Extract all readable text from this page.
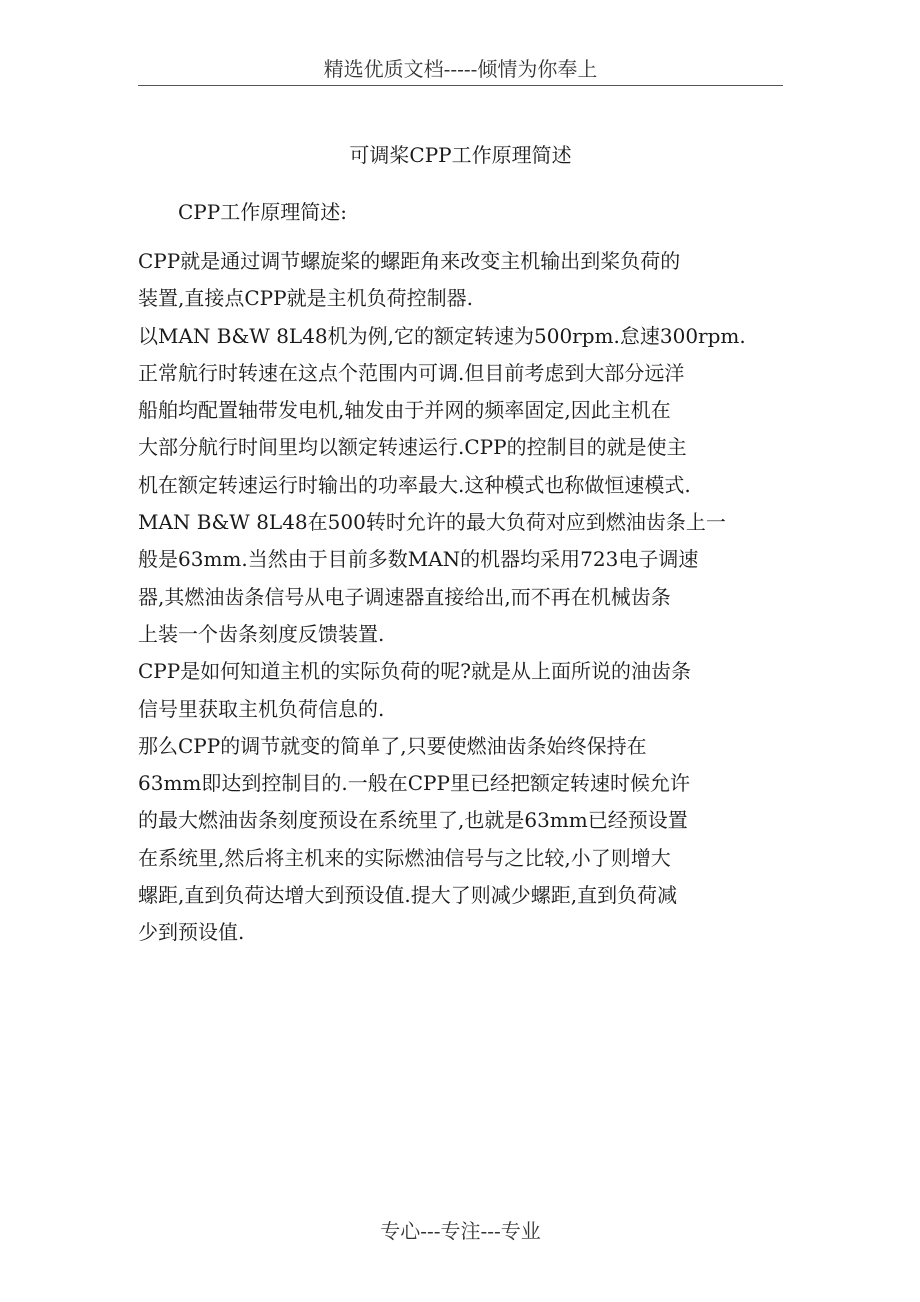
精选优质文档-----倾情为你奉上
可调桨CPP工作原理简述
CPP工作原理简述:
CPP就是通过调节螺旋桨的螺距角来改变主机输出到桨负荷的
装置,直接点CPP就是主机负荷控制器.
以MAN B&W 8L48机为例,它的额定转速为500rpm.怠速300rpm.
正常航行时转速在这点个范围内可调.但目前考虑到大部分远洋
船舶均配置轴带发电机,轴发由于并网的频率固定,因此主机在
大部分航行时间里均以额定转速运行.CPP的控制目的就是使主
机在额定转速运行时输出的功率最大.这种模式也称做恒速模式.
MAN B&W 8L48在500转时允许的最大负荷对应到燃油齿条上一
般是63mm.当然由于目前多数MAN的机器均采用723电子调速
器,其燃油齿条信号从电子调速器直接给出,而不再在机械齿条
上装一个齿条刻度反馈装置.
CPP是如何知道主机的实际负荷的呢?就是从上面所说的油齿条
信号里获取主机负荷信息的.
那么CPP的调节就变的简单了,只要使燃油齿条始终保持在
63mm即达到控制目的.一般在CPP里已经把额定转速时候允许
的最大燃油齿条刻度预设在系统里了,也就是63mm已经预设置
在系统里,然后将主机来的实际燃油信号与之比较,小了则增大
螺距,直到负荷达增大到预设值.提大了则减少螺距,直到负荷减
少到预设值.
专心---专注---专业
